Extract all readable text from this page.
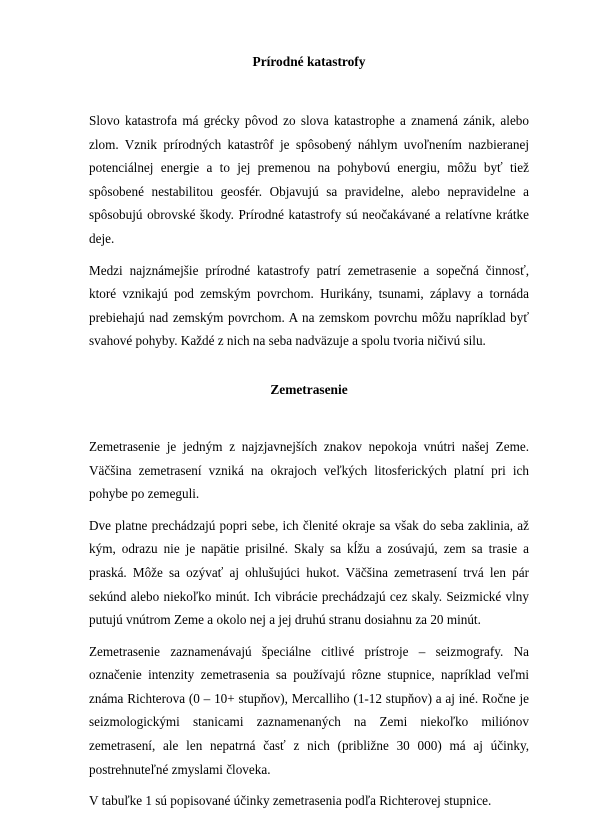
Prírodné katastrofy

Slovo katastrofa má grécky pôvod zo slova katastrophe a znamená zánik, alebo zlom. Vznik prírodných katastrôf je spôsobený náhlym uvoľnením nazbieranej potenciálnej energie a to jej premenou na pohybovú energiu, môžu byť tiež spôsobené nestabilitou geosfér. Objavujú sa pravidelne, alebo nepravidelne a spôsobujú obrovské škody. Prírodné katastrofy sú neočakávané a relatívne krátke deje.

Medzi najznámejšie prírodné katastrofy patrí zemetrasenie a sopečná činnosť, ktoré vznikajú pod zemským povrchom. Hurikány, tsunami, záplavy a tornáda prebiehajú nad zemským povrchom. A na zemskom povrchu môžu napríklad byť svahové pohyby. Každé z nich na seba nadväzuje a spolu tvoria ničivú silu.

Zemetrasenie

Zemetrasenie je jedným z najzjavnejších znakov nepokoja vnútri našej Zeme. Väčšina zemetrasení vzniká na okrajoch veľkých litosferických platní pri ich pohybe po zemeguli.

Dve platne prechádzajú popri sebe, ich členité okraje sa však do seba zaklinia, až kým, odrazu nie je napätie prisilné. Skaly sa kĺžu a zosúvajú, zem sa trasie a praská. Môže sa ozývať aj ohlušujúci hukot. Väčšina zemetrasení trvá len pár sekúnd alebo niekoľko minút. Ich vibrácie prechádzajú cez skaly. Seizmické vlny putujú vnútrom Zeme a okolo nej a jej druhú stranu dosiahnu za 20 minút.

Zemetrasenie zaznamenávajú špeciálne citlivé prístroje – seizmografy. Na označenie intenzity zemetrasenia sa používajú rôzne stupnice, napríklad veľmi známa Richterova (0 – 10+ stupňov), Mercalliho (1-12 stupňov) a aj iné. Ročne je seizmologickými stanicami zaznamenaných na Zemi niekoľko miliónov zemetrasení, ale len nepatrná časť z nich (približne 30 000) má aj účinky, postrehnuteľné zmyslami človeka.

V tabuľke 1 sú popisované účinky zemetrasenia podľa Richterovej stupnice.
